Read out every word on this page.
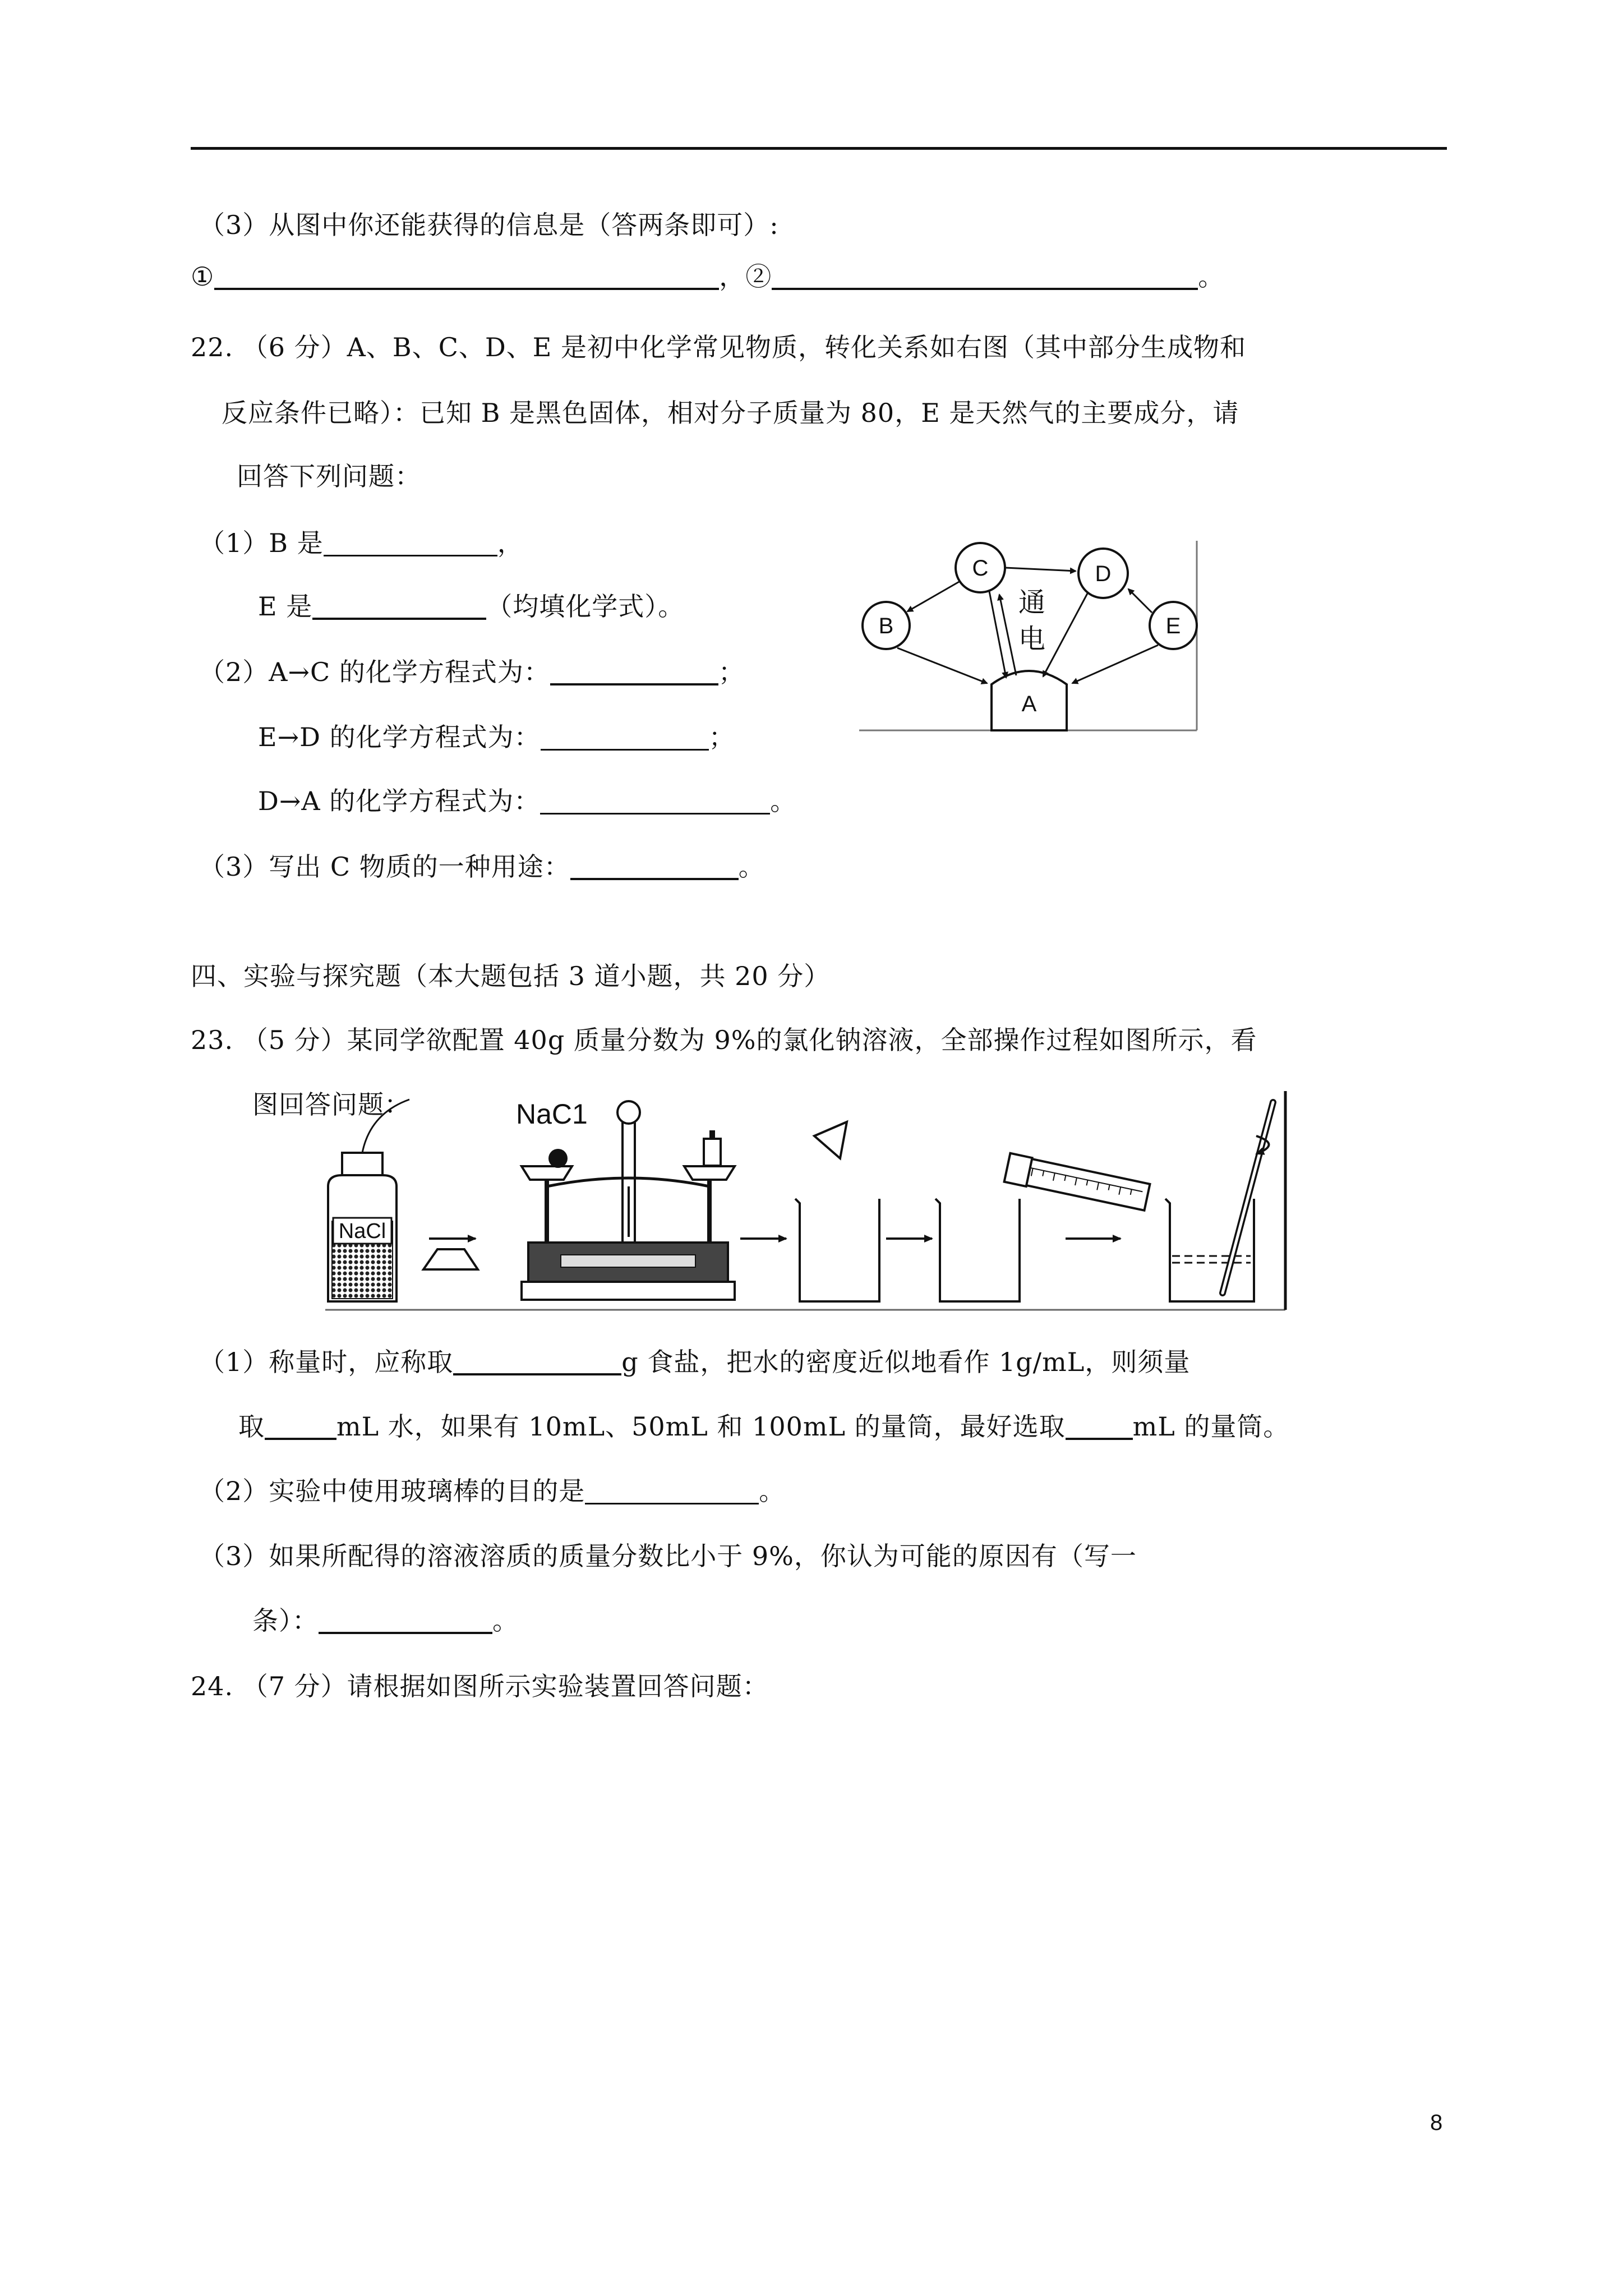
（3）从图中你还能获得的信息是（答两条即可）:
①	，②	。
22. （6 分）A、B、C、D、E 是初中化学常见物质，转化关系如右图（其中部分生成物和
反应条件已略）：已知 B 是黑色固体，相对分子质量为 80，E 是天然气的主要成分，请
回答下列问题：
（1）B 是	，
E 是	（均填化学式）。
（2）A→C 的化学方程式为：	；
E→D 的化学方程式为：	；
D→A 的化学方程式为：	。
（3）写出 C 物质的一种用途：	。
A
B
C	D
E
通
电
四、实验与探究题（本大题包括 3 道小题，共 20 分）
23. （5 分）某同学欲配置 40g 质量分数为 9%的氯化钠溶液，全部操作过程如图所示，看
图回答问题：
NaCl
NaC1
（1）称量时，应称取	g 食盐，把水的密度近似地看作 1g/mL，则须量
取	mL 水，如果有 10mL、50mL 和 100mL 的量筒，最好选取	mL 的量筒。
（2）实验中使用玻璃棒的目的是	。
（3）如果所配得的溶液溶质的质量分数比小于 9%，你认为可能的原因有（写一
条）：	。
24. （7 分）请根据如图所示实验装置回答问题：
8
